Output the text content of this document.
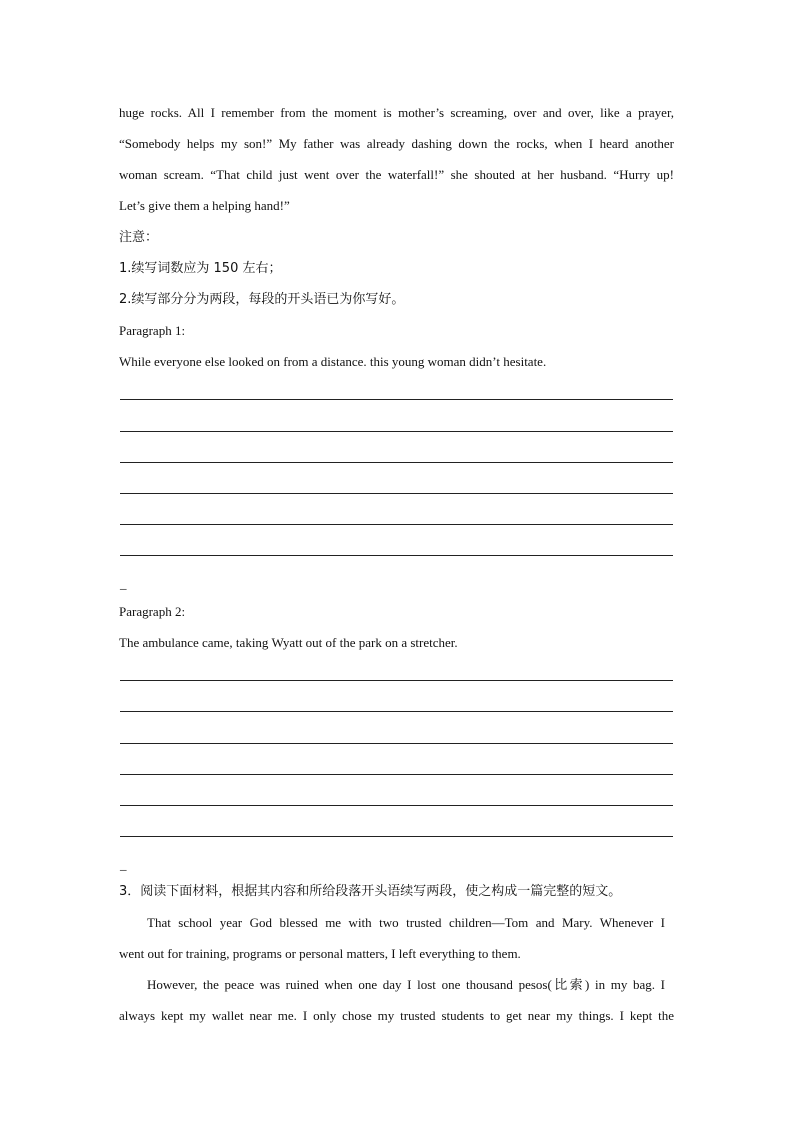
huge rocks. All I remember from the moment is mother’s screaming, over and over, like a prayer,
“Somebody helps my son!” My father was already dashing down the rocks, when I heard another
woman scream. “That child just went over the waterfall!” she shouted at her husband. “Hurry up!
Let’s give them a helping hand!”
注意：
1.续写词数应为 150 左右；
2.续写部分分为两段，每段的开头语已为你写好。
Paragraph 1:
While everyone else looked on from a distance. this young woman didn’t hesitate.
_
Paragraph 2:
The ambulance came, taking Wyatt out of the park on a stretcher.
_
3．阅读下面材料，根据其内容和所给段落开头语续写两段，使之构成一篇完整的短文。
That school year God blessed me with two trusted children—Tom and Mary. Whenever I
went out for training, programs or personal matters, I left everything to them.
However, the peace was ruined when one day I lost one thousand pesos(比索) in my bag. I
always kept my wallet near me. I only chose my trusted students to get near my things. I kept the
